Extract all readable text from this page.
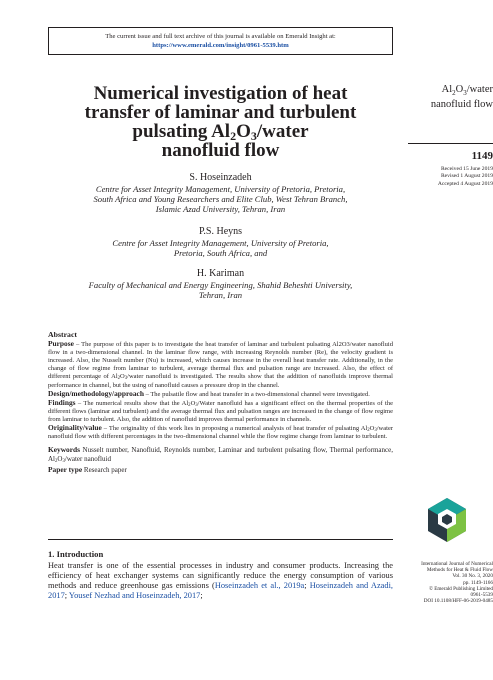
The current issue and full text archive of this journal is available on Emerald Insight at:
https://www.emerald.com/insight/0961-5539.htm
$Al_2O_3$/water
nanofluid flow
1149
Received 15 June 2019
Revised 1 August 2019
Accepted 4 August 2019
Numerical investigation of heat
transfer of laminar and turbulent
pulsating $Al_2O_3$/water
nanofluid flow
S. Hoseinzadeh
Centre for Asset Integrity Management, University of Pretoria, Pretoria,
South Africa and Young Researchers and Elite Club, West Tehran Branch,
Islamic Azad University, Tehran, Iran
P.S. Heyns
Centre for Asset Integrity Management, University of Pretoria,
Pretoria, South Africa, and
H. Kariman
Faculty of Mechanical and Energy Engineering, Shahid Beheshti University,
Tehran, Iran

Abstract

Purpose – The purpose of this paper is to investigate the heat transfer of laminar and turbulent pulsating Al2O3/water nanofluid flow in a two-dimensional channel. In the laminar flow range, with increasing Reynolds number (Re), the velocity gradient is increased. Also, the Nusselt number (Nu) is increased, which causes increase in the overall heat transfer rate. Additionally, in the change of flow regime from laminar to turbulent, average thermal flux and pulsation range are increased. Also, the effect of different percentage of $Al_2O_3$/water nanofluid is investigated. The results show that the addition of nanofluids improve thermal performance in channel, but the using of nanofluid causes a pressure drop in the channel.

Design/methodology/approach – The pulsatile flow and heat transfer in a two-dimensional channel were investigated.

Findings – The numerical results show that the $Al_2O_3$/Water nanofluid has a significant effect on the thermal properties of the different flows (laminar and turbulent) and the average thermal flux and pulsation ranges are increased in the change of flow regime from laminar to turbulent. Also, the addition of nanofluid improves thermal performance in channels.

Originality/value – The originality of this work lies in proposing a numerical analysis of heat transfer of pulsating $Al_2O_3$/water nanofluid flow with different percentages in the two-dimensional channel while the flow regime change from laminar to turbulent.

Keywords Nusselt number, Nanofluid, Reynolds number, Laminar and turbulent pulsating flow, Thermal performance, $Al_2O_3$/water nanofluid

Paper type Research paper

1. Introduction

Heat transfer is one of the essential processes in industry and consumer products. Increasing the efficiency of heat exchanger systems can significantly reduce the energy consumption of various methods and reduce greenhouse gas emissions (Hoseinzadeh et al., 2019a; Hoseinzadeh and Azadi, 2017; Yousef Nezhad and Hoseinzadeh, 2017;

International Journal of Numerical
Methods for Heat & Fluid Flow
Vol. 30 No. 3, 2020
pp. 1149-1166
© Emerald Publishing Limited
0961-5539
DOI 10.1108/HFF-06-2019-0485
